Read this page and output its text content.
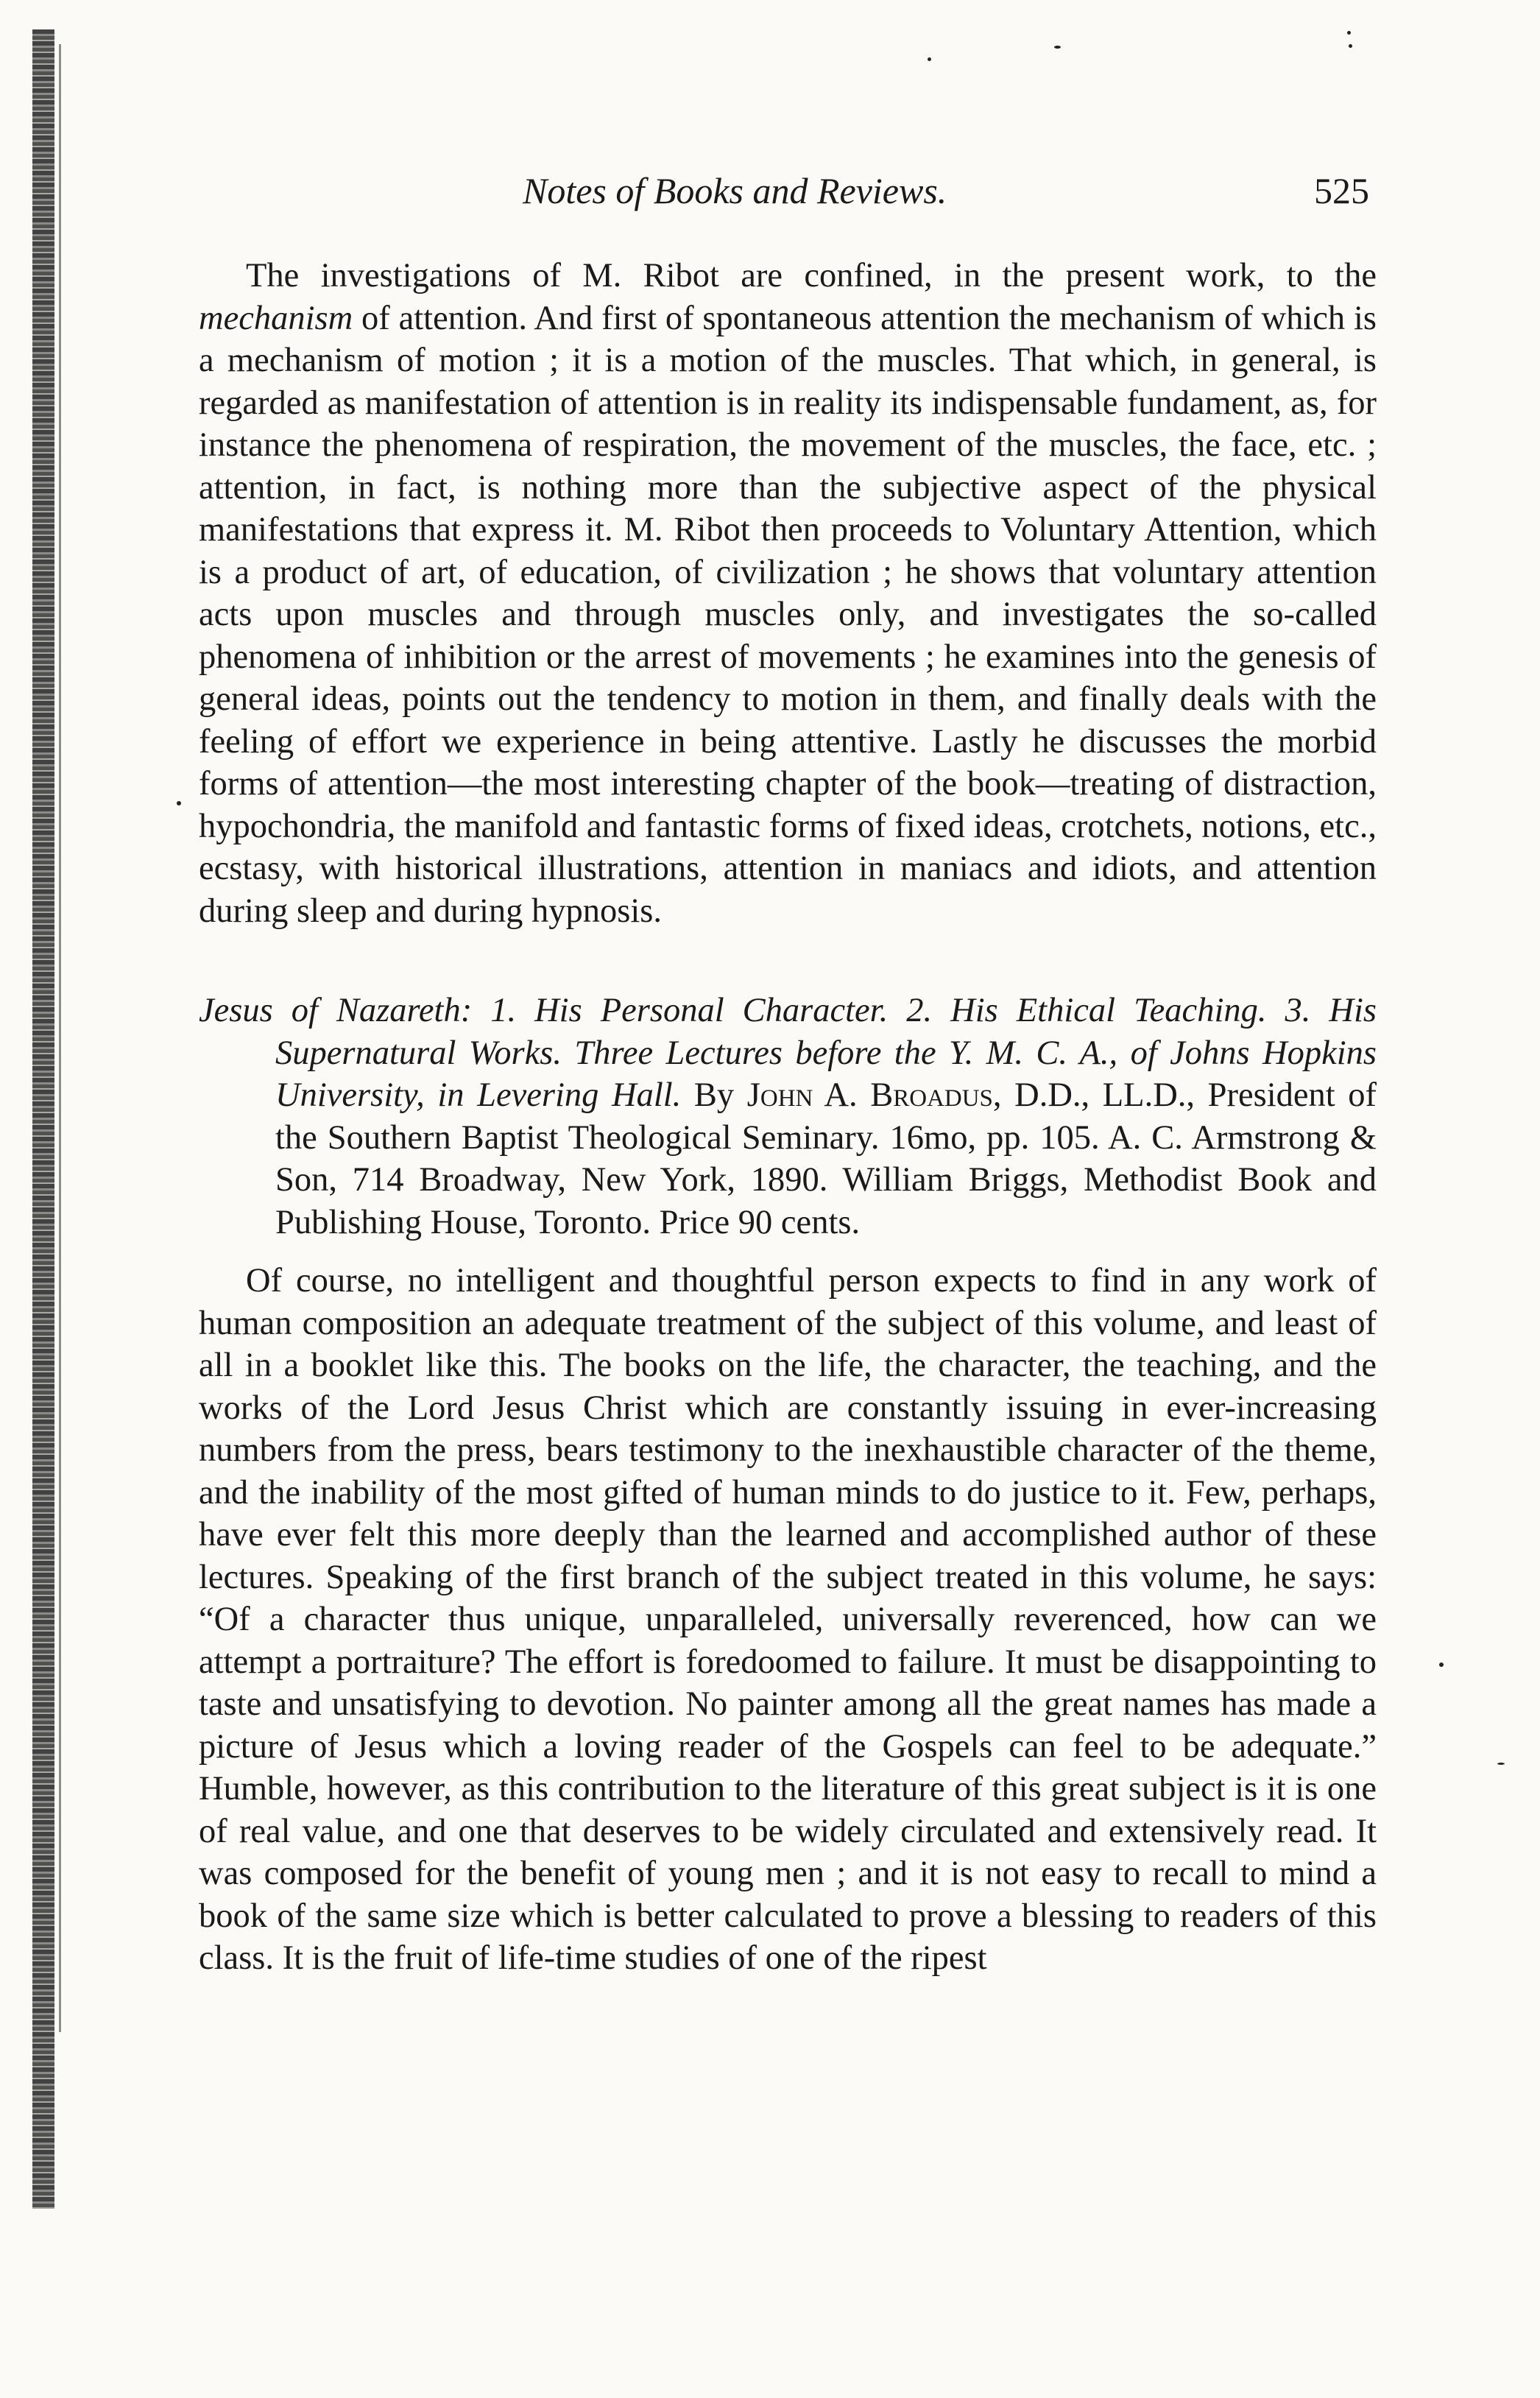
Notes of Books and Reviews.	525

The investigations of M. Ribot are confined, in the present work, to the mechanism of attention. And first of spontaneous attention the mechanism of which is a mechanism of motion ; it is a motion of the muscles. That which, in general, is regarded as manifestation of attention is in reality its indispensable fundament, as, for instance the phenomena of respiration, the movement of the muscles, the face, etc. ; attention, in fact, is nothing more than the subjective aspect of the physical manifestations that express it. M. Ribot then proceeds to Voluntary Attention, which is a product of art, of education, of civilization ; he shows that voluntary attention acts upon muscles and through muscles only, and investigates the so-called phenomena of inhibition or the arrest of movements ; he examines into the genesis of general ideas, points out the tendency to motion in them, and finally deals with the feeling of effort we experience in being attentive. Lastly he discusses the morbid forms of attention—the most interesting chapter of the book—treating of distraction, hypochondria, the manifold and fantastic forms of fixed ideas, crotchets, notions, etc., ecstasy, with historical illustrations, attention in maniacs and idiots, and attention during sleep and during hypnosis.

Jesus of Nazareth: 1. His Personal Character. 2. His Ethical Teaching. 3. His Supernatural Works. Three Lectures before the Y. M. C. A., of Johns Hopkins University, in Levering Hall. By John A. Broadus, D.D., LL.D., President of the Southern Baptist Theological Seminary. 16mo, pp. 105. A. C. Armstrong & Son, 714 Broadway, New York, 1890. William Briggs, Methodist Book and Publishing House, Toronto. Price 90 cents.

Of course, no intelligent and thoughtful person expects to find in any work of human composition an adequate treatment of the subject of this volume, and least of all in a booklet like this. The books on the life, the character, the teaching, and the works of the Lord Jesus Christ which are constantly issuing in ever-increasing numbers from the press, bears testimony to the inexhaustible character of the theme, and the inability of the most gifted of human minds to do justice to it. Few, perhaps, have ever felt this more deeply than the learned and accomplished author of these lectures. Speaking of the first branch of the subject treated in this volume, he says: “Of a character thus unique, unparalleled, universally reverenced, how can we attempt a portraiture? The effort is foredoomed to failure. It must be disappointing to taste and unsatisfying to devotion. No painter among all the great names has made a picture of Jesus which a loving reader of the Gospels can feel to be adequate.” Humble, however, as this contribution to the literature of this great subject is it is one of real value, and one that deserves to be widely circulated and extensively read. It was composed for the benefit of young men ; and it is not easy to recall to mind a book of the same size which is better calculated to prove a blessing to readers of this class. It is the fruit of life-time studies of one of the ripest
